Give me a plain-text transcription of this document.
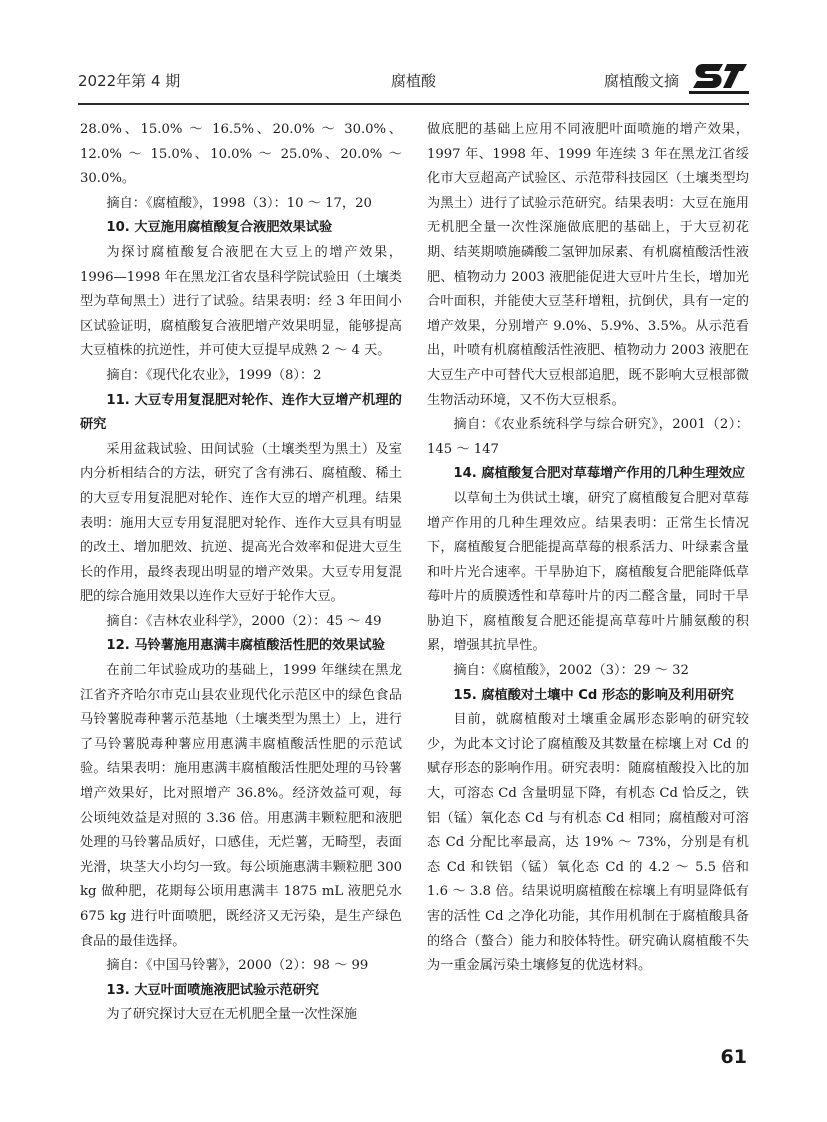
2022年第 4 期	腐植酸	腐植酸文摘

28.0%、15.0% ～ 16.5%、20.0% ～ 30.0%、12.0% ～ 15.0%、10.0% ～ 25.0%、20.0% ～ 30.0%。

摘自：《腐植酸》，1998（3）：10 ～ 17，20

10. 大豆施用腐植酸复合液肥效果试验

为探讨腐植酸复合液肥在大豆上的增产效果，1996—1998 年在黑龙江省农垦科学院试验田（土壤类型为草甸黑土）进行了试验。结果表明：经 3 年田间小区试验证明，腐植酸复合液肥增产效果明显，能够提高大豆植株的抗逆性，并可使大豆提早成熟 2 ～ 4 天。

摘自：《现代化农业》，1999（8）：2

11. 大豆专用复混肥对轮作、连作大豆增产机理的研究

采用盆栽试验、田间试验（土壤类型为黑土）及室内分析相结合的方法，研究了含有沸石、腐植酸、稀土的大豆专用复混肥对轮作、连作大豆的增产机理。结果表明：施用大豆专用复混肥对轮作、连作大豆具有明显的改土、增加肥效、抗逆、提高光合效率和促进大豆生长的作用，最终表现出明显的增产效果。大豆专用复混肥的综合施用效果以连作大豆好于轮作大豆。

摘自：《吉林农业科学》，2000（2）：45 ～ 49

12. 马铃薯施用惠满丰腐植酸活性肥的效果试验

在前二年试验成功的基础上，1999 年继续在黑龙江省齐齐哈尔市克山县农业现代化示范区中的绿色食品马铃薯脱毒种薯示范基地（土壤类型为黑土）上，进行了马铃薯脱毒种薯应用惠满丰腐植酸活性肥的示范试验。结果表明：施用惠满丰腐植酸活性肥处理的马铃薯增产效果好，比对照增产 36.8%。经济效益可观，每公顷纯效益是对照的 3.36 倍。用惠满丰颗粒肥和液肥处理的马铃薯品质好，口感佳，无烂薯，无畸型，表面光滑，块茎大小均匀一致。每公顷施惠满丰颗粒肥 300 kg 做种肥，花期每公顷用惠满丰 1875 mL 液肥兑水 675 kg 进行叶面喷肥，既经济又无污染，是生产绿色食品的最佳选择。

摘自：《中国马铃薯》，2000（2）：98 ～ 99

13. 大豆叶面喷施液肥试验示范研究

为了研究探讨大豆在无机肥全量一次性深施

做底肥的基础上应用不同液肥叶面喷施的增产效果，1997 年、1998 年、1999 年连续 3 年在黑龙江省绥化市大豆超高产试验区、示范带科技园区（土壤类型均为黑土）进行了试验示范研究。结果表明：大豆在施用无机肥全量一次性深施做底肥的基础上，于大豆初花期、结荚期喷施磷酸二氢钾加尿素、有机腐植酸活性液肥、植物动力 2003 液肥能促进大豆叶片生长，增加光合叶面积，并能使大豆茎秆增粗，抗倒伏，具有一定的增产效果，分别增产 9.0%、5.9%、3.5%。从示范看出，叶喷有机腐植酸活性液肥、植物动力 2003 液肥在大豆生产中可替代大豆根部追肥，既不影响大豆根部微生物活动环境，又不伤大豆根系。

摘自：《农业系统科学与综合研究》，2001（2）：145 ～ 147

14. 腐植酸复合肥对草莓增产作用的几种生理效应

以草甸土为供试土壤，研究了腐植酸复合肥对草莓增产作用的几种生理效应。结果表明：正常生长情况下，腐植酸复合肥能提高草莓的根系活力、叶绿素含量和叶片光合速率。干旱胁迫下，腐植酸复合肥能降低草莓叶片的质膜透性和草莓叶片的丙二醛含量，同时干旱胁迫下，腐植酸复合肥还能提高草莓叶片脯氨酸的积累，增强其抗旱性。

摘自：《腐植酸》，2002（3）：29 ～ 32

15. 腐植酸对土壤中 Cd 形态的影响及利用研究

目前，就腐植酸对土壤重金属形态影响的研究较少，为此本文讨论了腐植酸及其数量在棕壤上对 Cd 的赋存形态的影响作用。研究表明：随腐植酸投入比的加大，可溶态 Cd 含量明显下降，有机态 Cd 恰反之，铁铝（锰）氧化态 Cd 与有机态 Cd 相同；腐植酸对可溶态 Cd 分配比率最高，达 19% ～ 73%，分别是有机态 Cd 和铁铝（锰）氧化态 Cd 的 4.2 ～ 5.5 倍和 1.6 ～ 3.8 倍。结果说明腐植酸在棕壤上有明显降低有害的活性 Cd 之净化功能，其作用机制在于腐植酸具备的络合（螯合）能力和胶体特性。研究确认腐植酸不失为一重金属污染土壤修复的优选材料。

61
